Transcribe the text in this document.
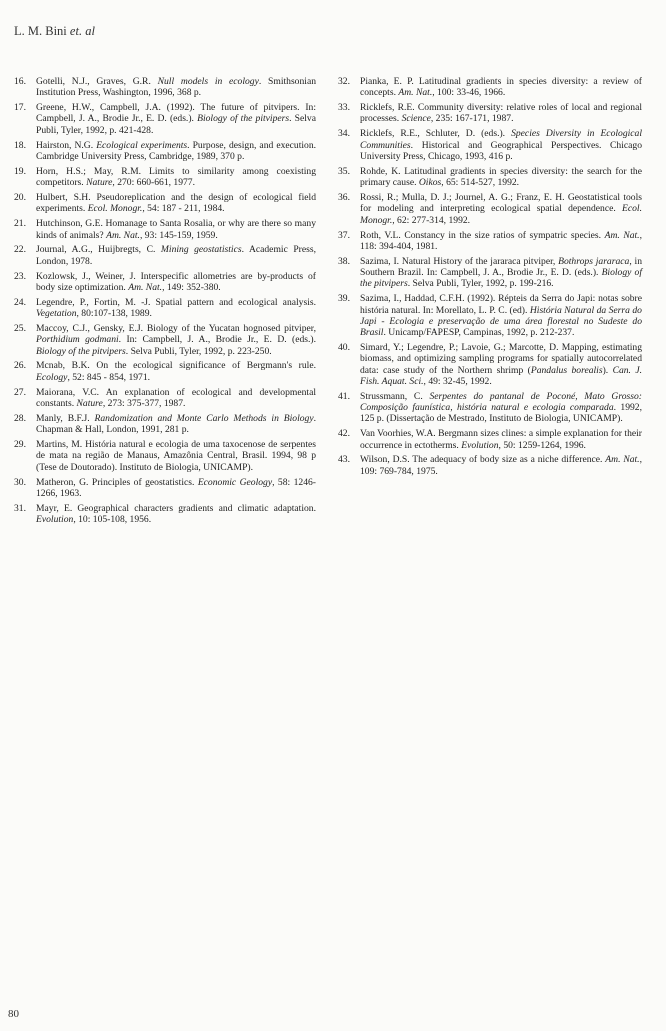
L. M. Bini et. al
16.	Gotelli, N.J., Graves, G.R. Null models in ecology. Smithsonian Institution Press, Washington, 1996, 368 p.
17.	Greene, H.W., Campbell, J.A. (1992). The future of pitvipers. In: Campbell, J. A., Brodie Jr., E. D. (eds.). Biology of the pitvipers. Selva Publi, Tyler, 1992, p. 421-428.
18.	Hairston, N.G. Ecological experiments. Purpose, design, and execution. Cambridge University Press, Cambridge, 1989, 370 p.
19.	Horn, H.S.; May, R.M. Limits to similarity among coexisting competitors. Nature, 270: 660-661, 1977.
20.	Hulbert, S.H. Pseudoreplication and the design of ecological field experiments. Ecol. Monogr., 54: 187 - 211, 1984.
21.	Hutchinson, G.E. Homanage to Santa Rosalia, or why are there so many kinds of animals? Am. Nat., 93: 145-159, 1959.
22.	Journal, A.G., Huijbregts, C. Mining geostatistics. Academic Press, London, 1978.
23.	Kozlowsk, J., Weiner, J. Interspecific allometries are by-products of body size optimization. Am. Nat., 149: 352-380.
24.	Legendre, P., Fortin, M. -J. Spatial pattern and ecological analysis. Vegetation, 80:107-138, 1989.
25.	Maccoy, C.J., Gensky, E.J. Biology of the Yucatan hognosed pitviper, Porthidium godmani. In: Campbell, J. A., Brodie Jr., E. D. (eds.). Biology of the pitvipers. Selva Publi, Tyler, 1992, p. 223-250.
26.	Mcnab, B.K. On the ecological significance of Bergmann's rule. Ecology, 52: 845 - 854, 1971.
27.	Maiorana, V.C. An explanation of ecological and developmental constants. Nature, 273: 375-377, 1987.
28.	Manly, B.F.J. Randomization and Monte Carlo Methods in Biology. Chapman & Hall, London, 1991, 281 p.
29.	Martins, M. História natural e ecologia de uma taxocenose de serpentes de mata na região de Manaus, Amazônia Central, Brasil. 1994, 98 p (Tese de Doutorado). Instituto de Biologia, UNICAMP).
30.	Matheron, G. Principles of geostatistics. Economic Geology, 58: 1246-1266, 1963.
31.	Mayr, E. Geographical characters gradients and climatic adaptation. Evolution, 10: 105-108, 1956.
32.	Pianka, E. P. Latitudinal gradients in species diversity: a review of concepts. Am. Nat., 100: 33-46, 1966.
33.	Ricklefs, R.E. Community diversity: relative roles of local and regional processes. Science, 235: 167-171, 1987.
34.	Ricklefs, R.E., Schluter, D. (eds.). Species Diversity in Ecological Communities. Historical and Geographical Perspectives. Chicago University Press, Chicago, 1993, 416 p.
35.	Rohde, K. Latitudinal gradients in species diversity: the search for the primary cause. Oikos, 65: 514-527, 1992.
36.	Rossi, R.; Mulla, D. J.; Journel, A. G.; Franz, E. H. Geostatistical tools for modeling and interpreting ecological spatial dependence. Ecol. Monogr., 62: 277-314, 1992.
37.	Roth, V.L. Constancy in the size ratios of sympatric species. Am. Nat., 118: 394-404, 1981.
38.	Sazima, I. Natural History of the jararaca pitviper, Bothrops jararaca, in Southern Brazil. In: Campbell, J. A., Brodie Jr., E. D. (eds.). Biology of the pitvipers. Selva Publi, Tyler, 1992, p. 199-216.
39.	Sazima, I., Haddad, C.F.H. (1992). Répteis da Serra do Japi: notas sobre história natural. In: Morellato, L. P. C. (ed). História Natural da Serra do Japi - Ecologia e preservação de uma área florestal no Sudeste do Brasil. Unicamp/FAPESP, Campinas, 1992, p. 212-237.
40.	Simard, Y.; Legendre, P.; Lavoie, G.; Marcotte, D. Mapping, estimating biomass, and optimizing sampling programs for spatially autocorrelated data: case study of the Northern shrimp (Pandalus borealis). Can. J. Fish. Aquat. Sci., 49: 32-45, 1992.
41.	Strussmann, C. Serpentes do pantanal de Poconé, Mato Grosso: Composição faunística, história natural e ecologia comparada. 1992, 125 p. (Dissertação de Mestrado, Instituto de Biologia, UNICAMP).
42.	Van Voorhies, W.A. Bergmann sizes clines: a simple explanation for their occurrence in ectotherms. Evolution, 50: 1259-1264, 1996.
43.	Wilson, D.S. The adequacy of body size as a niche difference. Am. Nat., 109: 769-784, 1975.
80
